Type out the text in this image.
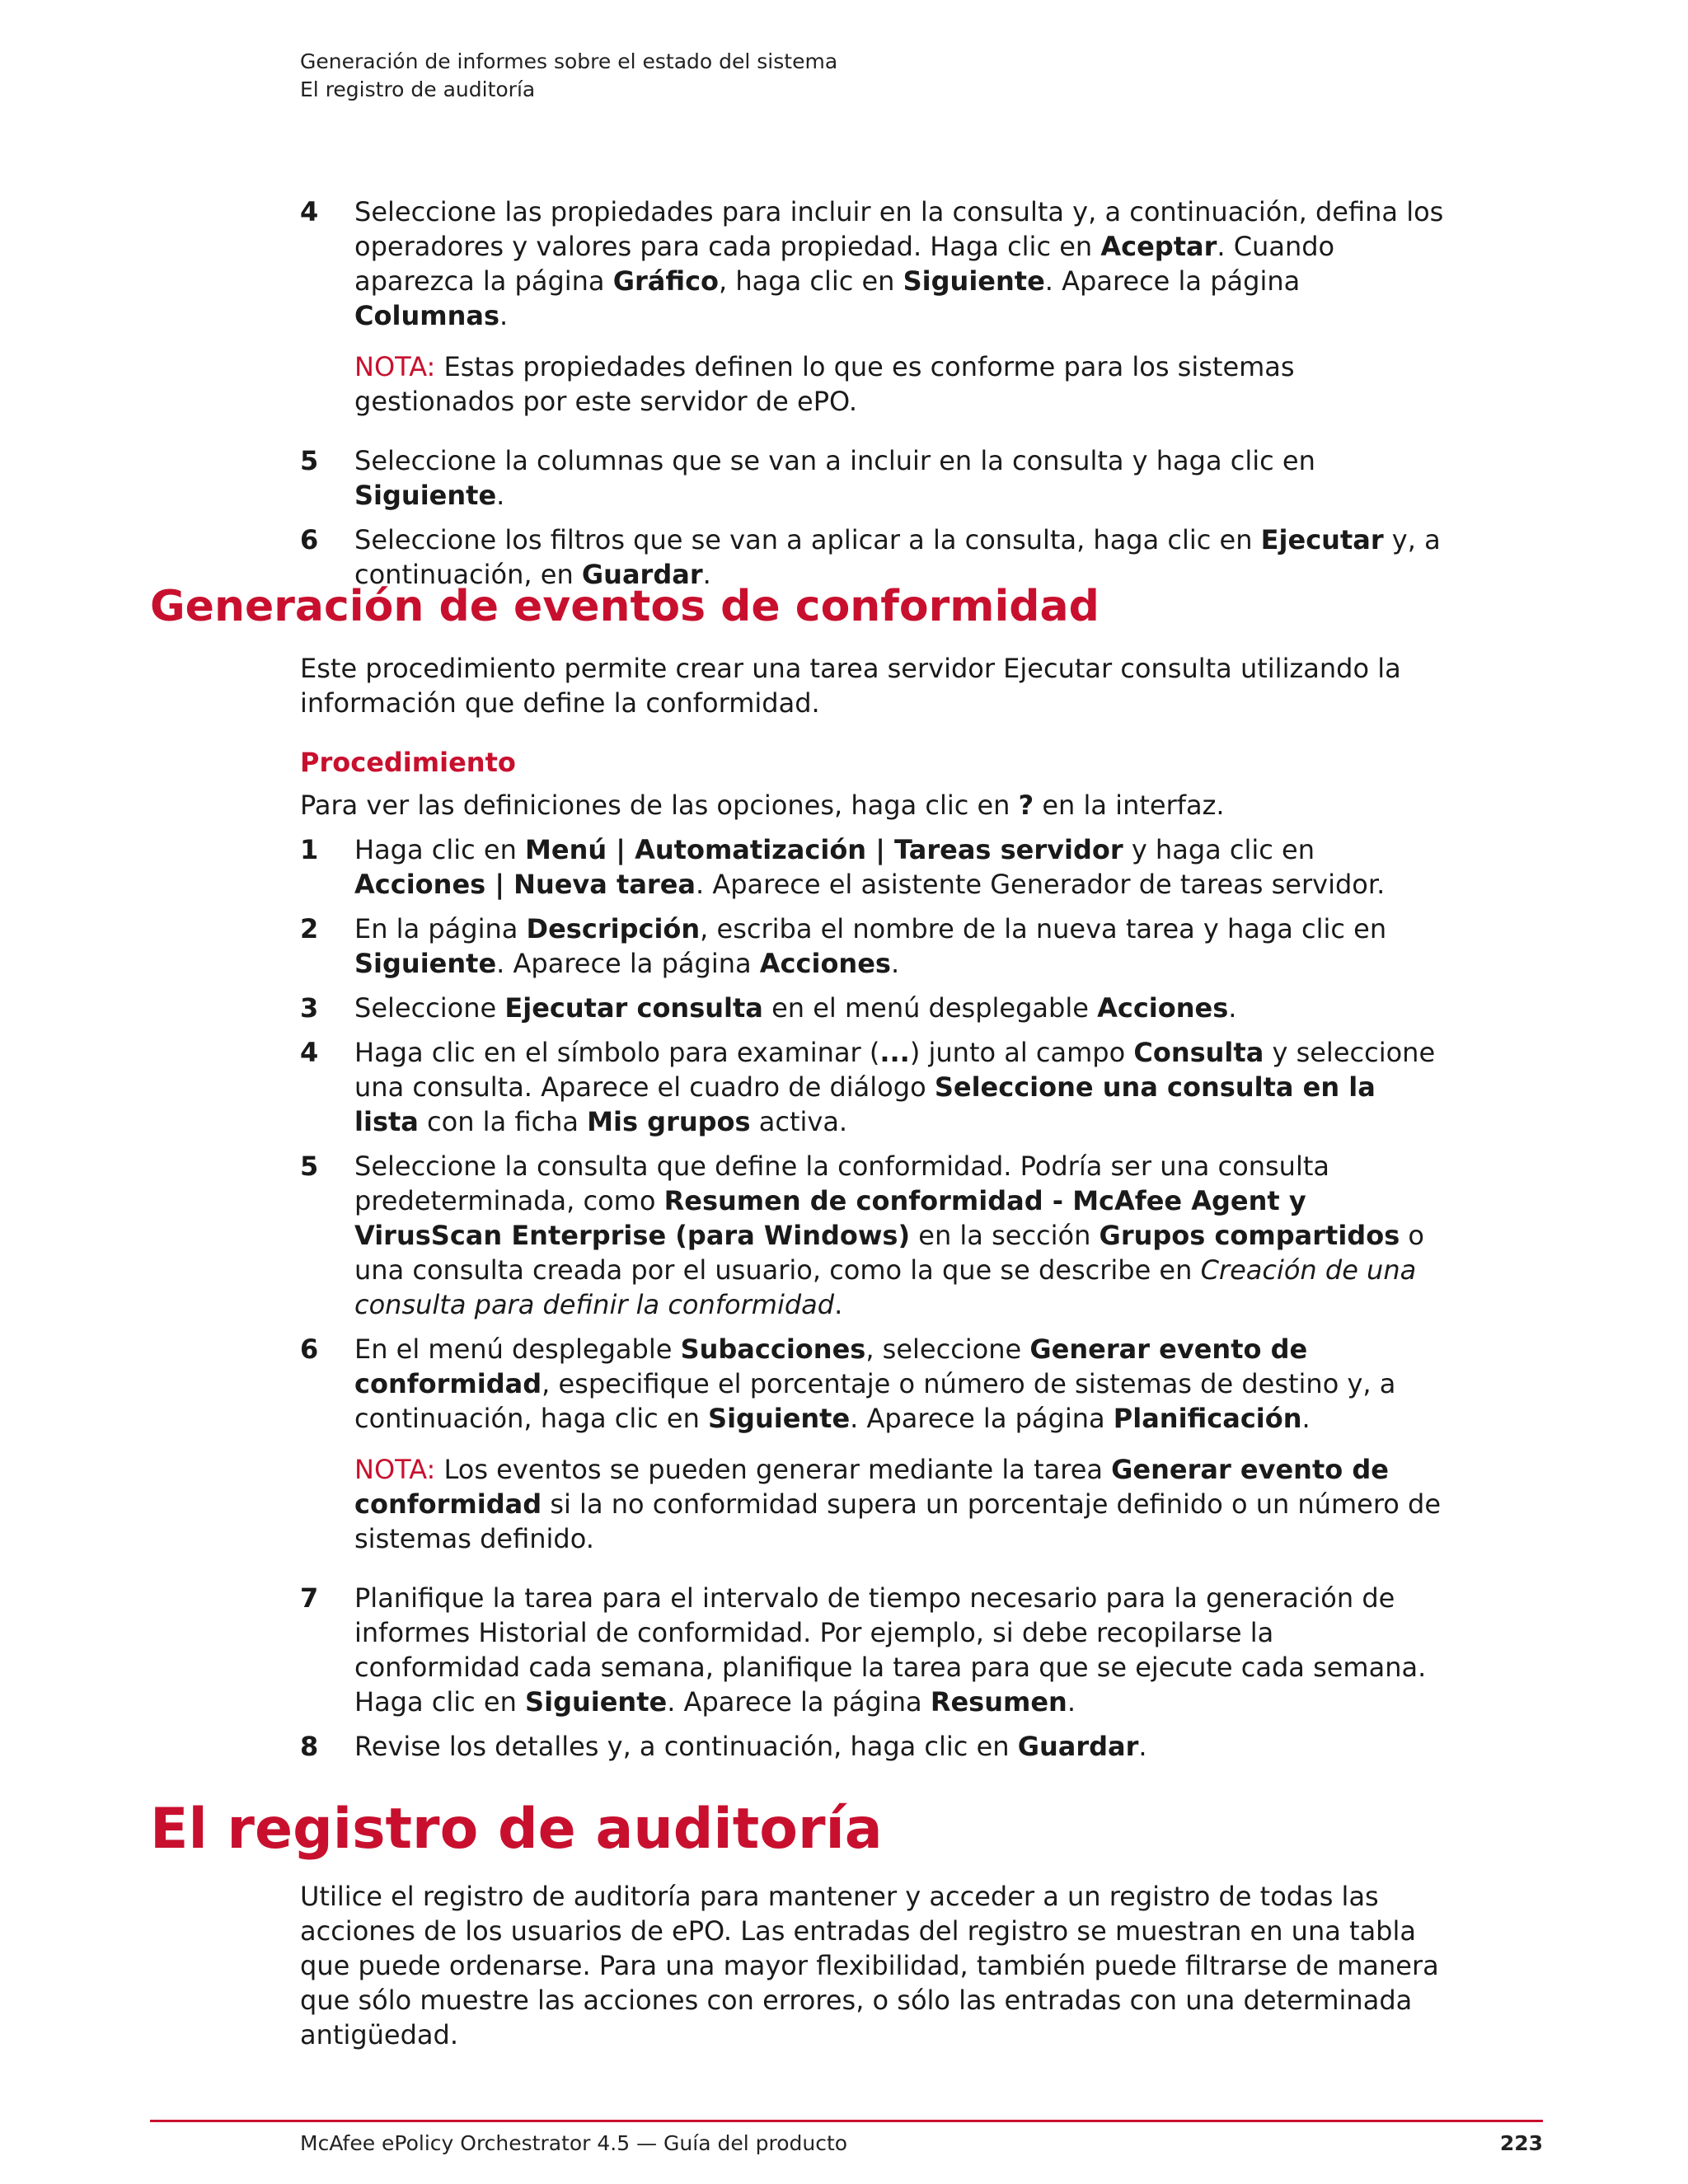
Generación de informes sobre el estado del sistema
El registro de auditoría

4 Seleccione las propiedades para incluir en la consulta y, a continuación, defina los operadores y valores para cada propiedad. Haga clic en Aceptar. Cuando aparezca la página Gráfico, haga clic en Siguiente. Aparece la página Columnas.

NOTA: Estas propiedades definen lo que es conforme para los sistemas gestionados por este servidor de ePO.

5 Seleccione la columnas que se van a incluir en la consulta y haga clic en Siguiente.

6 Seleccione los filtros que se van a aplicar a la consulta, haga clic en Ejecutar y, a continuación, en Guardar.

Generación de eventos de conformidad

Este procedimiento permite crear una tarea servidor Ejecutar consulta utilizando la información que define la conformidad.

Procedimiento

Para ver las definiciones de las opciones, haga clic en ? en la interfaz.

1 Haga clic en Menú | Automatización | Tareas servidor y haga clic en Acciones | Nueva tarea. Aparece el asistente Generador de tareas servidor.

2 En la página Descripción, escriba el nombre de la nueva tarea y haga clic en Siguiente. Aparece la página Acciones.

3 Seleccione Ejecutar consulta en el menú desplegable Acciones.

4 Haga clic en el símbolo para examinar (...) junto al campo Consulta y seleccione una consulta. Aparece el cuadro de diálogo Seleccione una consulta en la lista con la ficha Mis grupos activa.

5 Seleccione la consulta que define la conformidad. Podría ser una consulta predeterminada, como Resumen de conformidad - McAfee Agent y VirusScan Enterprise (para Windows) en la sección Grupos compartidos o una consulta creada por el usuario, como la que se describe en Creación de una consulta para definir la conformidad.

6 En el menú desplegable Subacciones, seleccione Generar evento de conformidad, especifique el porcentaje o número de sistemas de destino y, a continuación, haga clic en Siguiente. Aparece la página Planificación.

NOTA: Los eventos se pueden generar mediante la tarea Generar evento de conformidad si la no conformidad supera un porcentaje definido o un número de sistemas definido.

7 Planifique la tarea para el intervalo de tiempo necesario para la generación de informes Historial de conformidad. Por ejemplo, si debe recopilarse la conformidad cada semana, planifique la tarea para que se ejecute cada semana. Haga clic en Siguiente. Aparece la página Resumen.

8 Revise los detalles y, a continuación, haga clic en Guardar.

El registro de auditoría

Utilice el registro de auditoría para mantener y acceder a un registro de todas las acciones de los usuarios de ePO. Las entradas del registro se muestran en una tabla que puede ordenarse. Para una mayor flexibilidad, también puede filtrarse de manera que sólo muestre las acciones con errores, o sólo las entradas con una determinada antigüedad.

McAfee ePolicy Orchestrator 4.5 — Guía del producto	223
